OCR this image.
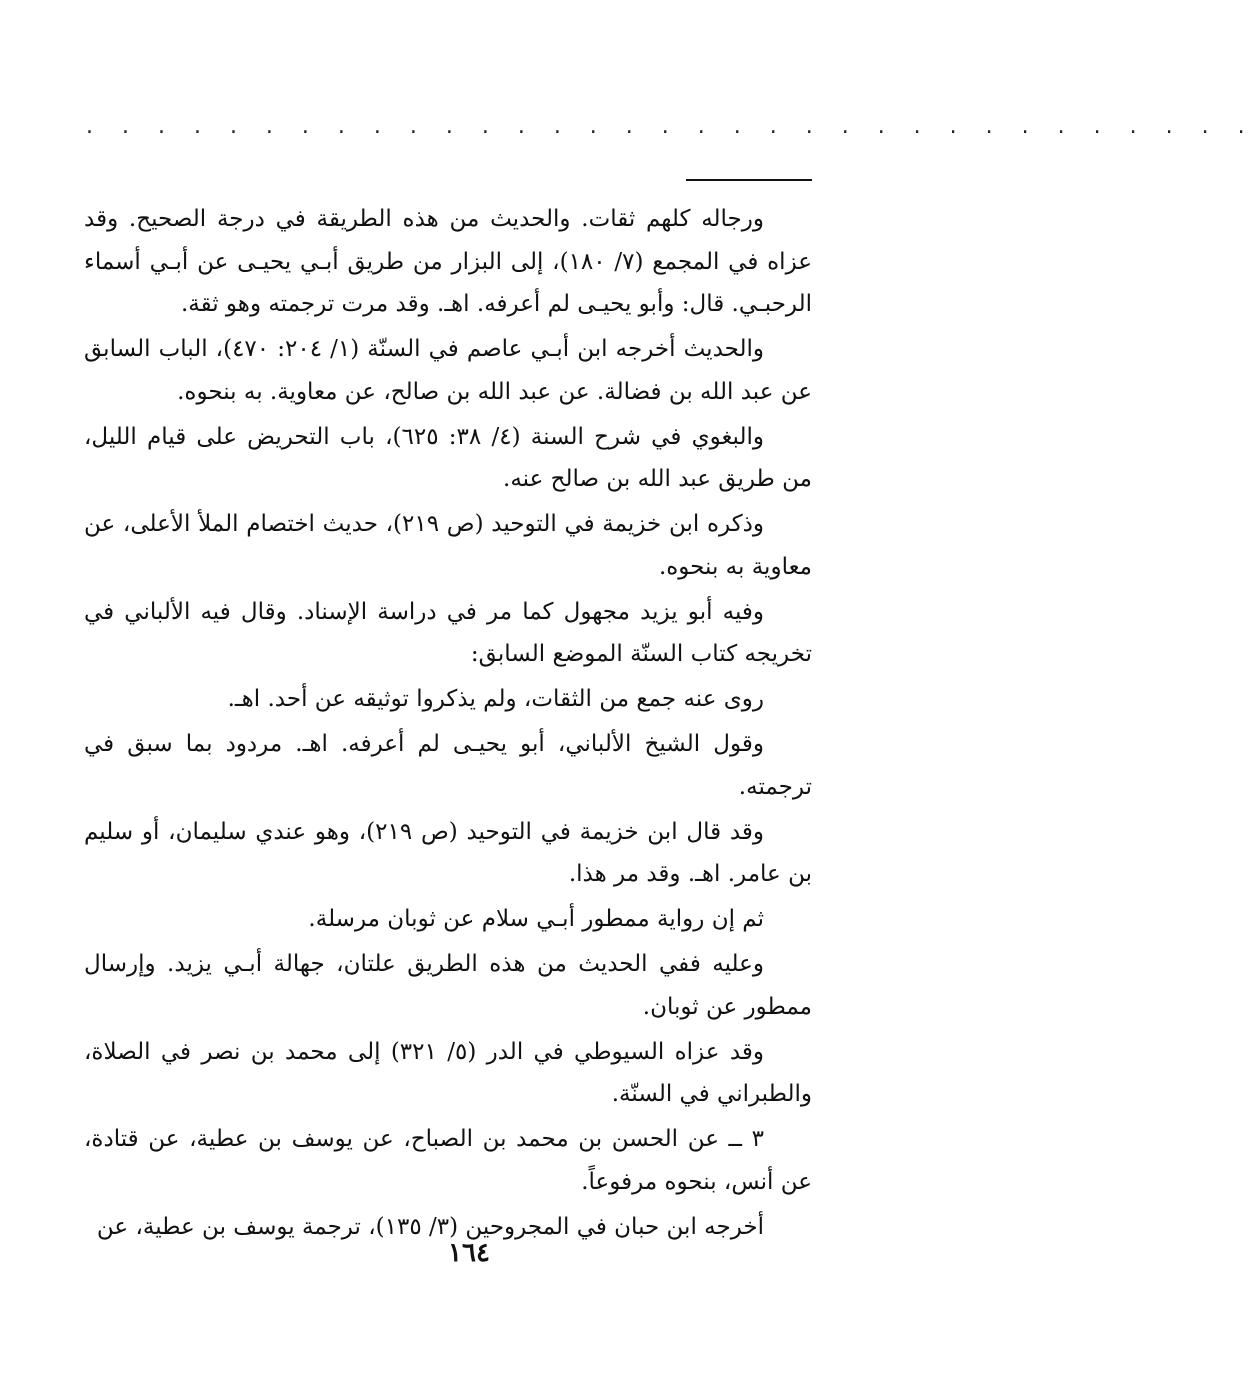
. . . . . . . . . . . . . . . . . . . . . . . . . . . . . . . . .

ورجاله كلهم ثقات. والحديث من هذه الطريقة في درجة الصحيح. وقد عزاه في المجمع (٧/ ١٨٠)، إلى البزار من طريق أبـي يحيـى عن أبـي أسماء الرحبـي. قال: وأبو يحيـى لم أعرفه. اهـ. وقد مرت ترجمته وهو ثقة.

والحديث أخرجه ابن أبـي عاصم في السنّة (١/ ٢٠٤: ٤٧٠)، الباب السابق عن عبد الله بن فضالة. عن عبد الله بن صالح، عن معاوية. به بنحوه.

والبغوي في شرح السنة (٤/ ٣٨: ٦٢٥)، باب التحريض على قيام الليل، من طريق عبد الله بن صالح عنه.

وذكره ابن خزيمة في التوحيد (ص ٢١٩)، حديث اختصام الملأ الأعلى، عن معاوية به بنحوه.

وفيه أبو يزيد مجهول كما مر في دراسة الإسناد. وقال فيه الألباني في تخريجه كتاب السنّة الموضع السابق:

روى عنه جمع من الثقات، ولم يذكروا توثيقه عن أحد. اهـ.

وقول الشيخ الألباني، أبو يحيـى لم أعرفه. اهـ. مردود بما سبق في ترجمته.

وقد قال ابن خزيمة في التوحيد (ص ٢١٩)، وهو عندي سليمان، أو سليم بن عامر. اهـ. وقد مر هذا.

ثم إن رواية ممطور أبـي سلام عن ثوبان مرسلة.

وعليه ففي الحديث من هذه الطريق علتان، جهالة أبـي يزيد. وإرسال ممطور عن ثوبان.

وقد عزاه السيوطي في الدر (٥/ ٣٢١) إلى محمد بن نصر في الصلاة، والطبراني في السنّة.

٣ ــ عن الحسن بن محمد بن الصباح، عن يوسف بن عطية، عن قتادة، عن أنس، بنحوه مرفوعاً.

أخرجه ابن حبان في المجروحين (٣/ ١٣٥)، ترجمة يوسف بن عطية، عن

١٦٤
